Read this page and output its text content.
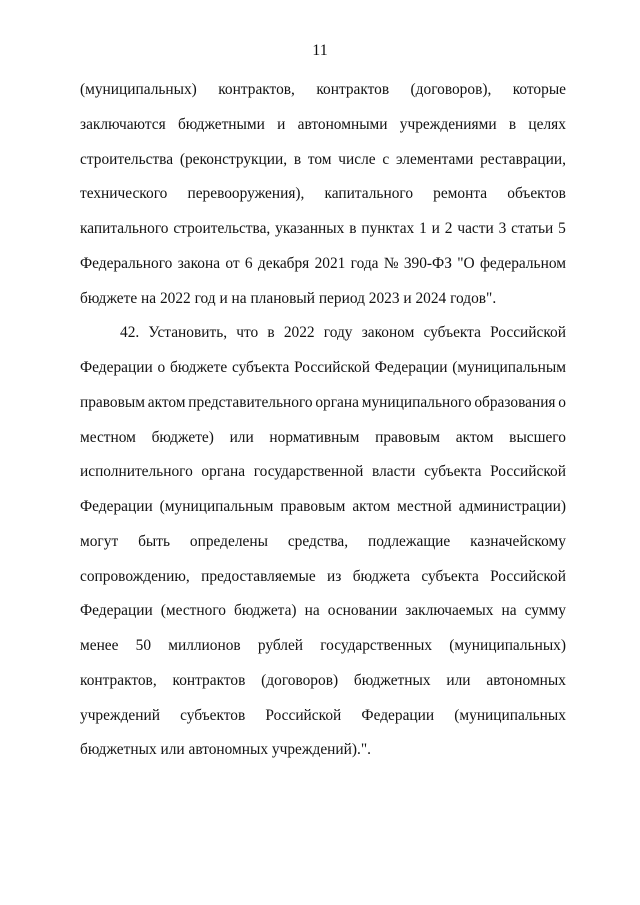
11
(муниципальных) контрактов, контрактов (договоров), которые
заключаются бюджетными и автономными учреждениями в целях
строительства (реконструкции, в том числе с элементами реставрации,
технического перевооружения), капитального ремонта объектов
капитального строительства, указанных в пунктах 1 и 2 части 3 статьи 5
Федерального закона от 6 декабря 2021 года № 390-ФЗ "О федеральном
бюджете на 2022 год и на плановый период 2023 и 2024 годов".
42. Установить, что в 2022 году законом субъекта Российской
Федерации о бюджете субъекта Российской Федерации (муниципальным
правовым актом представительного органа муниципального образования о
местном бюджете) или нормативным правовым актом высшего
исполнительного органа государственной власти субъекта Российской
Федерации (муниципальным правовым актом местной администрации)
могут быть определены средства, подлежащие казначейскому
сопровождению, предоставляемые из бюджета субъекта Российской
Федерации (местного бюджета) на основании заключаемых на сумму
менее 50 миллионов рублей государственных (муниципальных)
контрактов, контрактов (договоров) бюджетных или автономных
учреждений субъектов Российской Федерации (муниципальных
бюджетных или автономных учреждений).".
